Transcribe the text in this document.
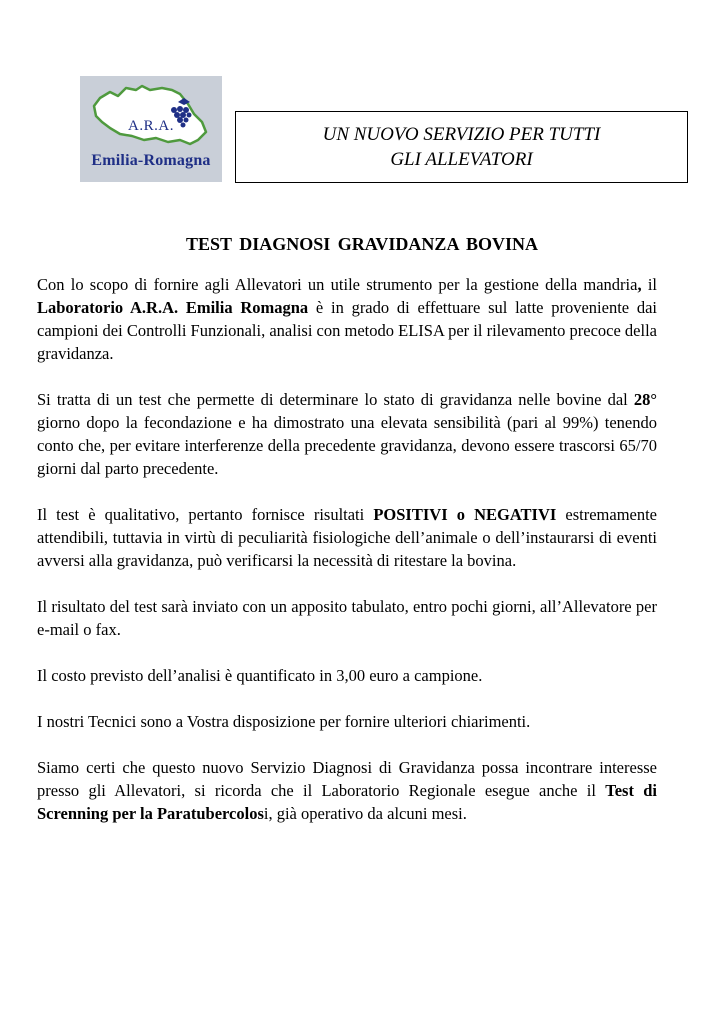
A.R.A.
Emilia-Romagna
UN NUOVO SERVIZIO PER TUTTI
GLI ALLEVATORI
TEST DIAGNOSI GRAVIDANZA BOVINA

Con lo scopo di fornire agli Allevatori un utile strumento per la gestione della mandria, il Laboratorio A.R.A. Emilia Romagna è in grado di effettuare sul latte proveniente dai campioni dei Controlli Funzionali, analisi con metodo ELISA per il rilevamento precoce della gravidanza.

Si tratta di un test che permette di determinare lo stato di gravidanza nelle bovine dal 28° giorno dopo la fecondazione e ha dimostrato una elevata sensibilità (pari al 99%) tenendo conto che, per evitare interferenze della precedente gravidanza, devono essere trascorsi 65/70 giorni dal parto precedente.

Il test è qualitativo, pertanto fornisce risultati POSITIVI o NEGATIVI estremamente attendibili, tuttavia in virtù di peculiarità fisiologiche dell’animale o dell’instaurarsi di eventi avversi alla gravidanza, può verificarsi la necessità di ritestare la bovina.

Il risultato del test sarà inviato con un apposito tabulato, entro pochi giorni, all’Allevatore per e-mail o fax.

Il costo previsto dell’analisi è quantificato in 3,00 euro a campione.

I nostri Tecnici sono a Vostra disposizione per fornire ulteriori chiarimenti.

Siamo certi che questo nuovo Servizio Diagnosi di Gravidanza possa incontrare interesse presso gli Allevatori, si ricorda che il Laboratorio Regionale esegue anche il Test di Screnning per la Paratubercolosi, già operativo da alcuni mesi.
